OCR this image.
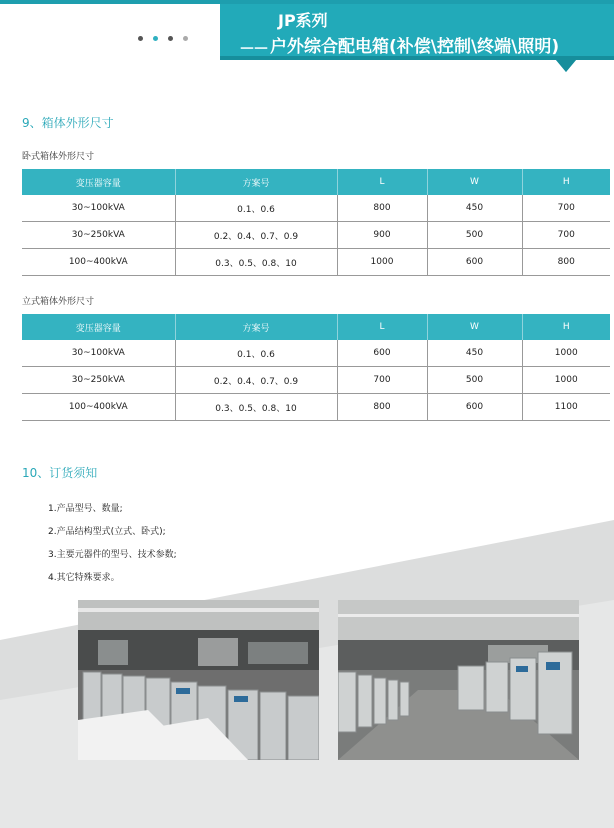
JP系列
—— 户外综合配电箱(补偿\控制\终端\照明)
9、箱体外形尺寸
卧式箱体外形尺寸
变压器容量	方案号	L	W	H
30~100kVA	0.1、0.6	800	450	700
30~250kVA	0.2、0.4、0.7、0.9	900	500	700
100~400kVA	0.3、0.5、0.8、10	1000	600	800
立式箱体外形尺寸
变压器容量	方案号	L	W	H
30~100kVA	0.1、0.6	600	450	1000
30~250kVA	0.2、0.4、0.7、0.9	700	500	1000
100~400kVA	0.3、0.5、0.8、10	800	600	1100
10、订货须知
1.产品型号、数量;
2.产品结构型式(立式、卧式);
3.主要元器件的型号、技术参数;
4.其它特殊要求。
